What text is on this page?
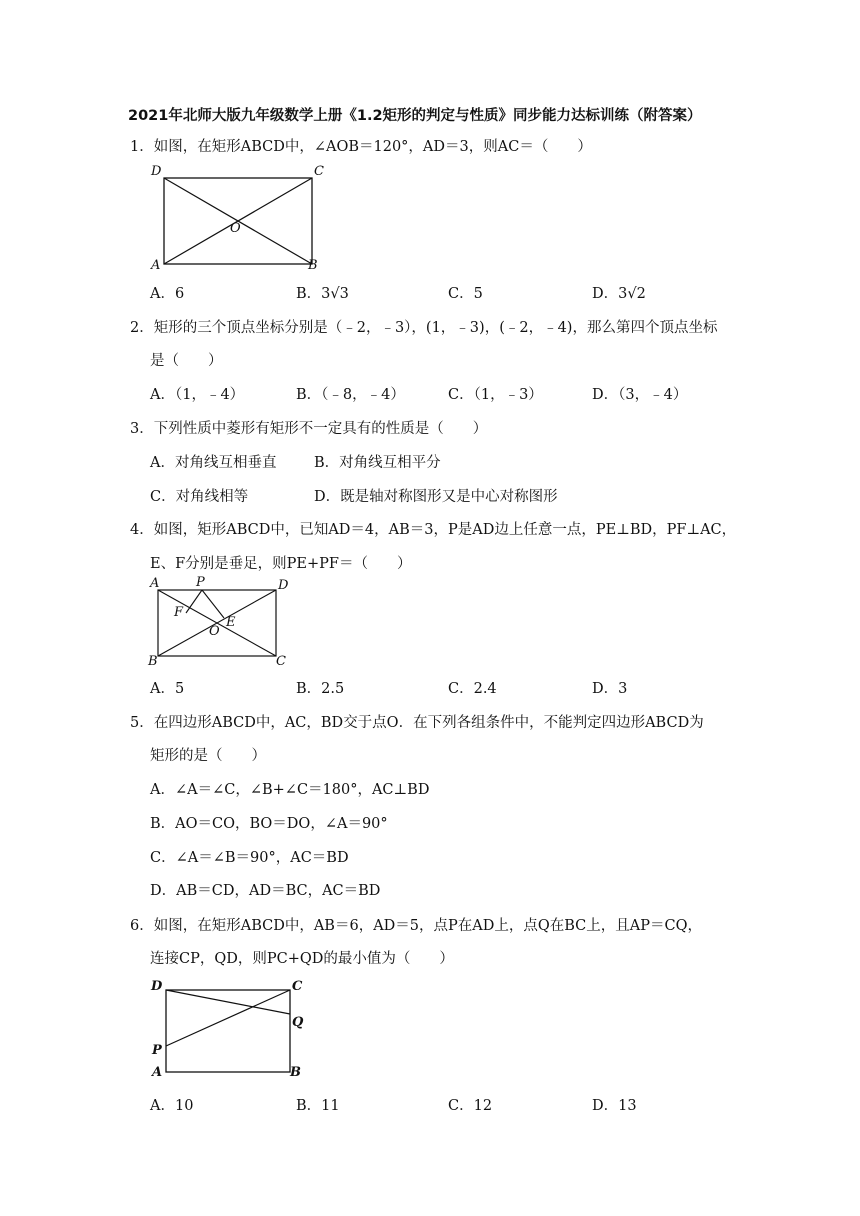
2021年北师大版九年级数学上册《1.2矩形的判定与性质》同步能力达标训练（附答案）
1．如图，在矩形ABCD中，∠AOB＝120°，AD＝3，则AC＝（　　）
D	C
O
A	B
A．6	B．3√3	C．5	D．3√2
2．矩形的三个顶点坐标分别是（﹣2，﹣3），(1，﹣3)，(﹣2，﹣4)，那么第四个顶点坐标
是（　　）
A．（1，﹣4）	B．（﹣8，﹣4）	C．（1，﹣3）	D．（3，﹣4）
3．下列性质中菱形有矩形不一定具有的性质是（　　）
A．对角线互相垂直	B．对角线互相平分
C．对角线相等	D．既是轴对称图形又是中心对称图形
4．如图，矩形ABCD中，已知AD＝4，AB＝3，P是AD边上任意一点，PE⊥BD，PF⊥AC，
E、F分别是垂足，则PE+PF＝（　　）
A	P	D
F
E
O
B	C
A．5	B．2.5	C．2.4	D．3
5．在四边形ABCD中，AC，BD交于点O．在下列各组条件中，不能判定四边形ABCD为
矩形的是（　　）
A．∠A＝∠C，∠B+∠C＝180°，AC⊥BD
B．AO＝CO，BO＝DO，∠A＝90°
C．∠A＝∠B＝90°，AC＝BD
D．AB＝CD，AD＝BC，AC＝BD
6．如图，在矩形ABCD中，AB＝6，AD＝5，点P在AD上，点Q在BC上，且AP＝CQ，
连接CP，QD，则PC+QD的最小值为（　　）
D	C
Q
P
A	B
A．10	B．11	C．12	D．13
